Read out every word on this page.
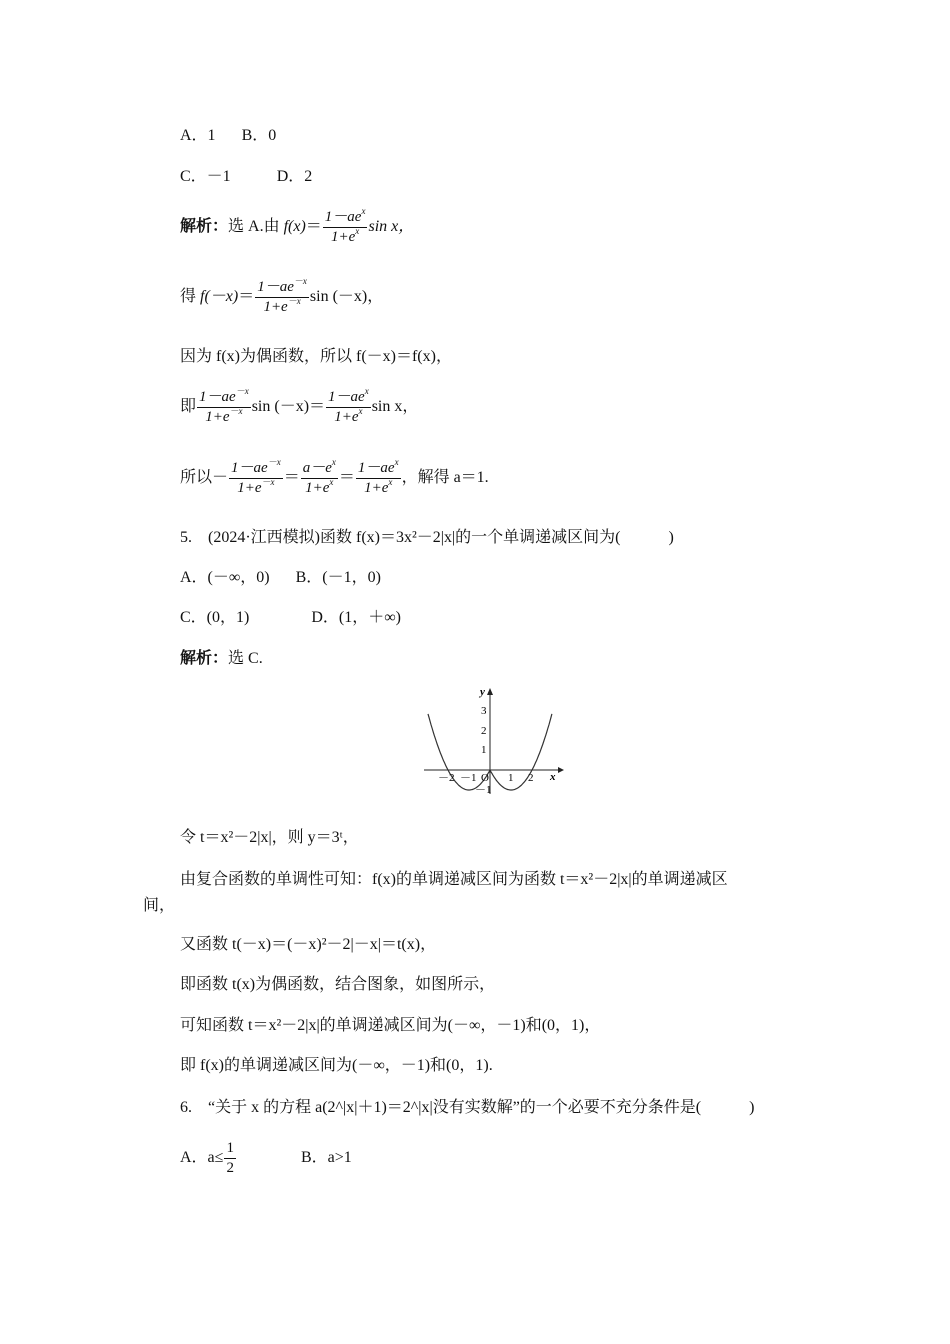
A．1 B．0
C．－1	D．2
解析：选 A.由 $f(x)= \frac{1-ae^x}{1+e^x}$ sin x，
得 $f(-x)= \frac{1-ae^{-x}}{1+e^{-x}}$ sin (－x)，
因为 f(x)为偶函数，所以 f(－x)＝f(x)，
即 $\frac{1-ae^{-x}}{1+e^{-x}}$ $\sin (-x)= \frac{1-ae^x}{1+e^x}$ sin x，
所以－ $\frac{1-ae^{-x}}{1+e^{-x}} = \frac{a-e^x}{1+e^x} = \frac{1-ae^x}{1+e^x}$ ，解得 a＝1.
5.　(2024·江西模拟)函数 f(x)＝3x²－2|x|的一个单调递减区间为(　　　)
A．(－∞，0) B．(－1，0)
C．(0，1)	D．(1，＋∞)
解析：选 C.
y
x
3
2
1
－1
－2 －1 O 1 2
令 t＝x²－2|x|，则 y＝3ᵗ，
由复合函数的单调性可知：f(x)的单调递减区间为函数 t＝x²－2|x|的单调递减区
间，
又函数 t(－x)＝(－x)²－2|－x|＝t(x)，
即函数 t(x)为偶函数，结合图象，如图所示，
可知函数 t＝x²－2|x|的单调递减区间为(－∞，－1)和(0，1)，
即 f(x)的单调递减区间为(－∞，－1)和(0，1).
6.　“关于 x 的方程 a(2^|x|＋1)＝2^|x|没有实数解”的一个必要不充分条件是(　　　)
A．$a\le \frac{1}{2}$	B．a>1
